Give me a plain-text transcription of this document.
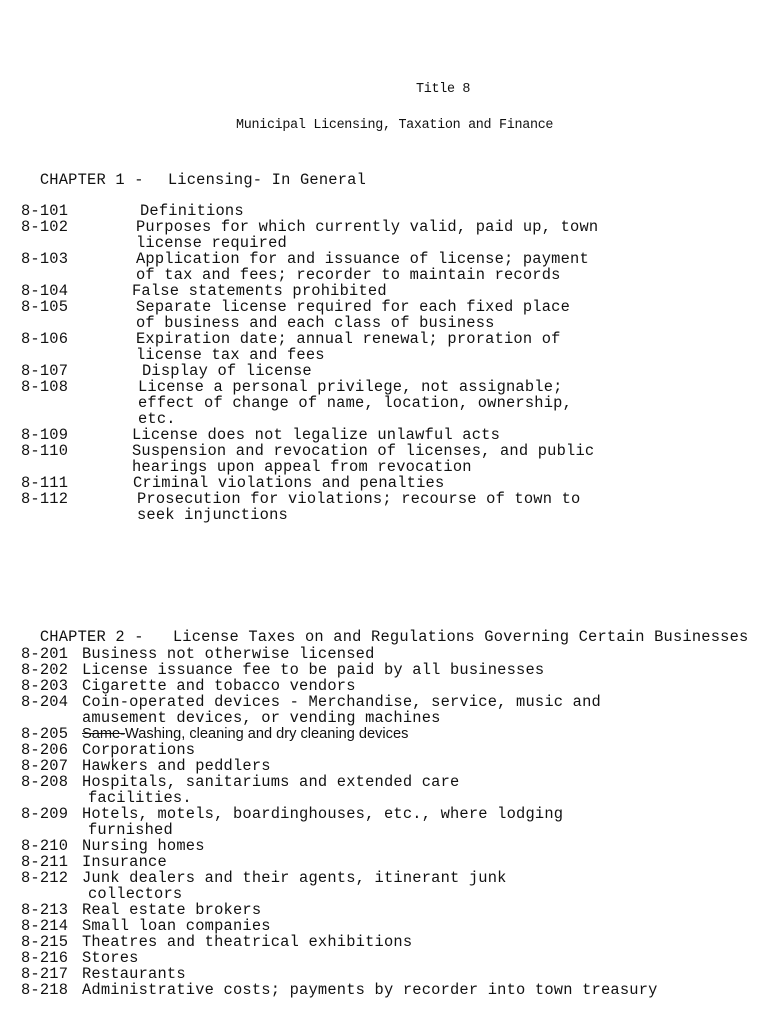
Title 8
Municipal Licensing, Taxation and Finance

CHAPTER 1 - Licensing- In General

8-101	Definitions
8-102	Purposes for which currently valid, paid up, town
license required
8-103	Application for and issuance of license; payment
of tax and fees; recorder to maintain records
8-104	False statements prohibited
8-105	Separate license required for each fixed place
of business and each class of business
8-106	Expiration date; annual renewal; proration of
license tax and fees
8-107	Display of license
8-108	License a personal privilege, not assignable;
effect of change of name, location, ownership,
etc.
8-109	License does not legalize unlawful acts
8-110	Suspension and revocation of licenses, and public
hearings upon appeal from revocation
8-111	Criminal violations and penalties
8-112	Prosecution for violations; recourse of town to
seek injunctions

CHAPTER 2 - License Taxes on and Regulations Governing Certain Businesses

8-201 Business not otherwise licensed
8-202 License issuance fee to be paid by all businesses
8-203 Cigarette and tobacco vendors
8-204 Coin-operated devices - Merchandise, service, music and
amusement devices, or vending machines
8-205 Same-Washing, cleaning and dry cleaning devices
8-206 Corporations
8-207 Hawkers and peddlers
8-208 Hospitals, sanitariums and extended care
facilities.
8-209 Hotels, motels, boardinghouses, etc., where lodging
furnished
8-210 Nursing homes
8-211 Insurance
8-212 Junk dealers and their agents, itinerant junk
collectors
8-213 Real estate brokers
8-214 Small loan companies
8-215 Theatres and theatrical exhibitions
8-216 Stores
8-217 Restaurants
8-218 Administrative costs; payments by recorder into town treasury
